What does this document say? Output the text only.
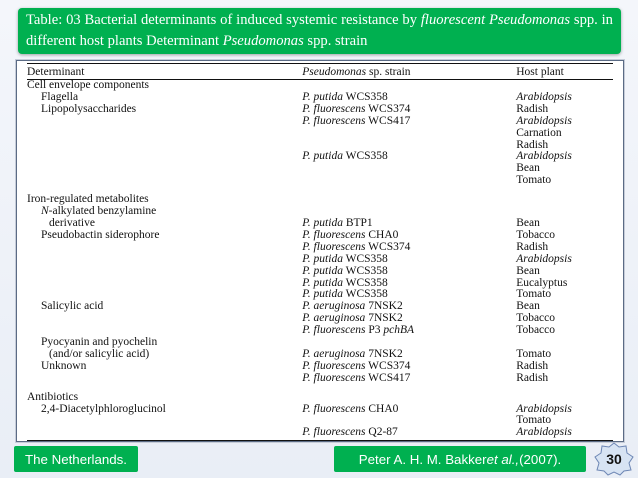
Table: 03 Bacterial determinants of induced systemic resistance by fluorescent Pseudomonas spp. in different host plants Determinant Pseudomonas spp. strain
Determinant	Pseudomonas sp. strain	Host plant
Cell envelope components		
Flagella	P. putida WCS358	Arabidopsis
Lipopolysaccharides	P. fluorescens WCS374	Radish
	P. fluorescens WCS417	Arabidopsis
		Carnation
		Radish
	P. putida WCS358	Arabidopsis
		Bean
		Tomato

Iron-regulated metabolites		
N-alkylated benzylamine		
derivative	P. putida BTP1	Bean
Pseudobactin siderophore	P. fluorescens CHA0	Tobacco
	P. fluorescens WCS374	Radish
	P. putida WCS358	Arabidopsis
	P. putida WCS358	Bean
	P. putida WCS358	Eucalyptus
	P. putida WCS358	Tomato
Salicylic acid	P. aeruginosa 7NSK2	Bean
	P. aeruginosa 7NSK2	Tobacco
	P. fluorescens P3 pchBA	Tobacco
Pyocyanin and pyochelin		
(and/or salicylic acid)	P. aeruginosa 7NSK2	Tomato
Unknown	P. fluorescens WCS374	Radish
	P. fluorescens WCS417	Radish

Antibiotics		
2,4-Diacetylphloroglucinol	P. fluorescens CHA0	Arabidopsis
		Tomato
	P. fluorescens Q2-87	Arabidopsis
The Netherlands.	Peter A. H. M. Bakker et al., (2007).	30
